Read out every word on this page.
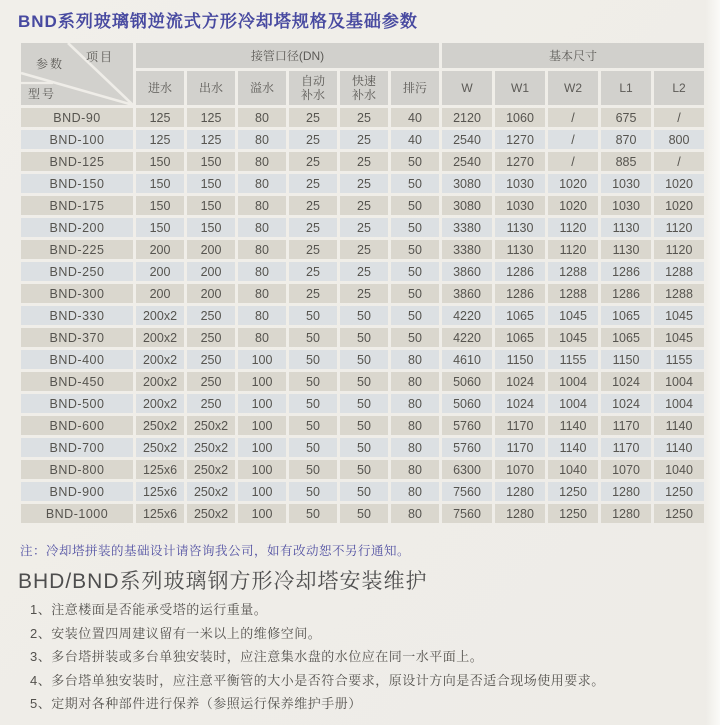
BND系列玻璃钢逆流式方形冷却塔规格及基础参数
参数 项目
型号	接管口径(DN)						基本尺寸				
	进水	出水	溢水	自动补水	快速补水	排污	W	W1	W2	L1	L2
BND-90	125	125	80	25	25	40	2120	1060	/	675	/
BND-100	125	125	80	25	25	40	2540	1270	/	870	800
BND-125	150	150	80	25	25	50	2540	1270	/	885	/
BND-150	150	150	80	25	25	50	3080	1030	1020	1030	1020
BND-175	150	150	80	25	25	50	3080	1030	1020	1030	1020
BND-200	150	150	80	25	25	50	3380	1130	1120	1130	1120
BND-225	200	200	80	25	25	50	3380	1130	1120	1130	1120
BND-250	200	200	80	25	25	50	3860	1286	1288	1286	1288
BND-300	200	200	80	25	25	50	3860	1286	1288	1286	1288
BND-330	200x2	250	80	50	50	50	4220	1065	1045	1065	1045
BND-370	200x2	250	80	50	50	50	4220	1065	1045	1065	1045
BND-400	200x2	250	100	50	50	80	4610	1150	1155	1150	1155
BND-450	200x2	250	100	50	50	80	5060	1024	1004	1024	1004
BND-500	200x2	250	100	50	50	80	5060	1024	1004	1024	1004
BND-600	250x2	250x2	100	50	50	80	5760	1170	1140	1170	1140
BND-700	250x2	250x2	100	50	50	80	5760	1170	1140	1170	1140
BND-800	125x6	250x2	100	50	50	80	6300	1070	1040	1070	1040
BND-900	125x6	250x2	100	50	50	80	7560	1280	1250	1280	1250
BND-1000	125x6	250x2	100	50	50	80	7560	1280	1250	1280	1250
注：冷却塔拼装的基础设计请咨询我公司，如有改动恕不另行通知。
BHD/BND系列玻璃钢方形冷却塔安装维护
1、注意楼面是否能承受塔的运行重量。
2、安装位置四周建议留有一米以上的维修空间。
3、多台塔拼装或多台单独安装时，应注意集水盘的水位应在同一水平面上。
4、多台塔单独安装时，应注意平衡管的大小是否符合要求，原设计方向是否适合现场使用要求。
5、定期对各种部件进行保养（参照运行保养维护手册）
